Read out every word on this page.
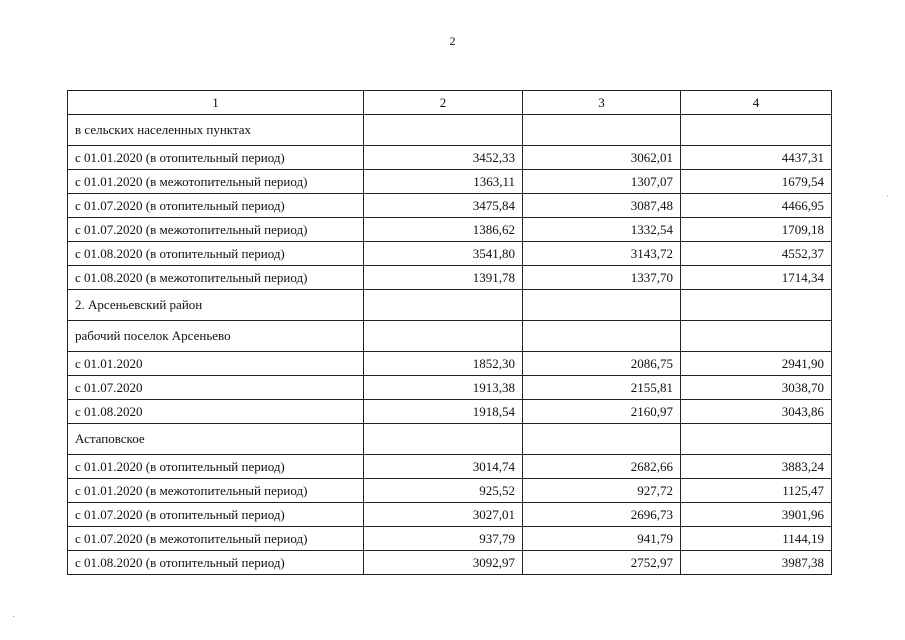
2
1	2	3	4
в сельских населенных пунктах			
с 01.01.2020 (в отопительный период)	3452,33	3062,01	4437,31
с 01.01.2020 (в межотопительный период)	1363,11	1307,07	1679,54
с 01.07.2020 (в отопительный период)	3475,84	3087,48	4466,95
с 01.07.2020 (в межотопительный период)	1386,62	1332,54	1709,18
с 01.08.2020 (в отопительный период)	3541,80	3143,72	4552,37
с 01.08.2020 (в межотопительный период)	1391,78	1337,70	1714,34
2. Арсеньевский район			
рабочий поселок Арсеньево			
с 01.01.2020	1852,30	2086,75	2941,90
с 01.07.2020	1913,38	2155,81	3038,70
с 01.08.2020	1918,54	2160,97	3043,86
Астаповское			
с 01.01.2020 (в отопительный период)	3014,74	2682,66	3883,24
с 01.01.2020 (в межотопительный период)	925,52	927,72	1125,47
с 01.07.2020 (в отопительный период)	3027,01	2696,73	3901,96
с 01.07.2020 (в межотопительный период)	937,79	941,79	1144,19
с 01.08.2020 (в отопительный период)	3092,97	2752,97	3987,38
·
·
